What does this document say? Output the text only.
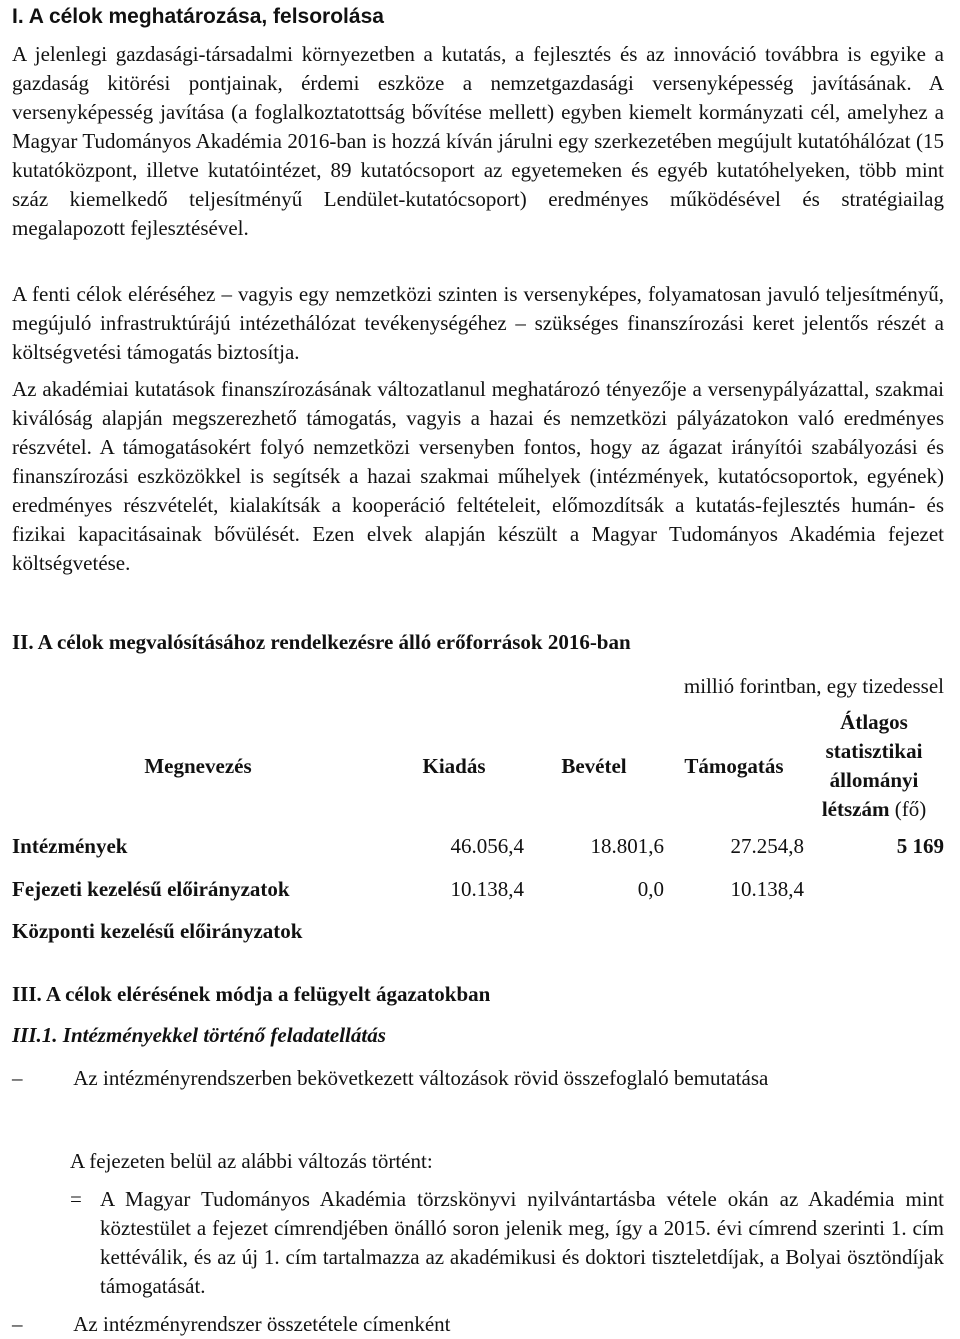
I. A célok meghatározása, felsorolása

A jelenlegi gazdasági-társadalmi környezetben a kutatás, a fejlesztés és az innováció továbbra is egyike a gazdaság kitörési pontjainak, érdemi eszköze a nemzetgazdasági versenyképesség javításának. A versenyképesség javítása (a foglalkoztatottság bővítése mellett) egyben kiemelt kormányzati cél, amelyhez a Magyar Tudományos Akadémia 2016-ban is hozzá kíván járulni egy szerkezetében megújult kutatóhálózat (15 kutatóközpont, illetve kutatóintézet, 89 kutatócsoport az egyetemeken és egyéb kutatóhelyeken, több mint száz kiemelkedő teljesítményű Lendület-kutatócsoport) eredményes működésével és stratégiailag megalapozott fejlesztésével.

A fenti célok eléréséhez ‒ vagyis egy nemzetközi szinten is versenyképes, folyamatosan javuló teljesítményű, megújuló infrastruktúrájú intézethálózat tevékenységéhez ‒ szükséges finanszírozási keret jelentős részét a költségvetési támogatás biztosítja.

Az akadémiai kutatások finanszírozásának változatlanul meghatározó tényezője a versenypályázattal, szakmai kiválóság alapján megszerezhető támogatás, vagyis a hazai és nemzetközi pályázatokon való eredményes részvétel. A támogatásokért folyó nemzetközi versenyben fontos, hogy az ágazat irányítói szabályozási és finanszírozási eszközökkel is segítsék a hazai szakmai műhelyek (intézmények, kutatócsoportok, egyének) eredményes részvételét, kialakítsák a kooperáció feltételeit, előmozdítsák a kutatás-fejlesztés humán- és fizikai kapacitásainak bővülését. Ezen elvek alapján készült a Magyar Tudományos Akadémia fejezet költségvetése.

II. A célok megvalósításához rendelkezésre álló erőforrások 2016-ban

millió forintban, egy tizedessel
Megnevezés	Kiadás	Bevétel	Támogatás	Átlagos statisztikai állományi létszám (fő)
Intézmények	46.056,4	18.801,6	27.254,8	5 169
Fejezeti kezelésű előirányzatok	10.138,4	0,0	10.138,4	
Központi kezelésű előirányzatok				

III. A célok elérésének módja a felügyelt ágazatokban

III.1. Intézményekkel történő feladatellátás

– Az intézményrendszerben bekövetkezett változások rövid összefoglaló bemutatása

A fejezeten belül az alábbi változás történt:

= A Magyar Tudományos Akadémia törzskönyvi nyilvántartásba vétele okán az Akadémia mint köztestület a fejezet címrendjében önálló soron jelenik meg, így a 2015. évi címrend szerinti 1. cím kettéválik, és az új 1. cím tartalmazza az akadémikusi és doktori tiszteletdíjak, a Bolyai ösztöndíjak támogatását.

– Az intézményrendszer összetétele címenként
